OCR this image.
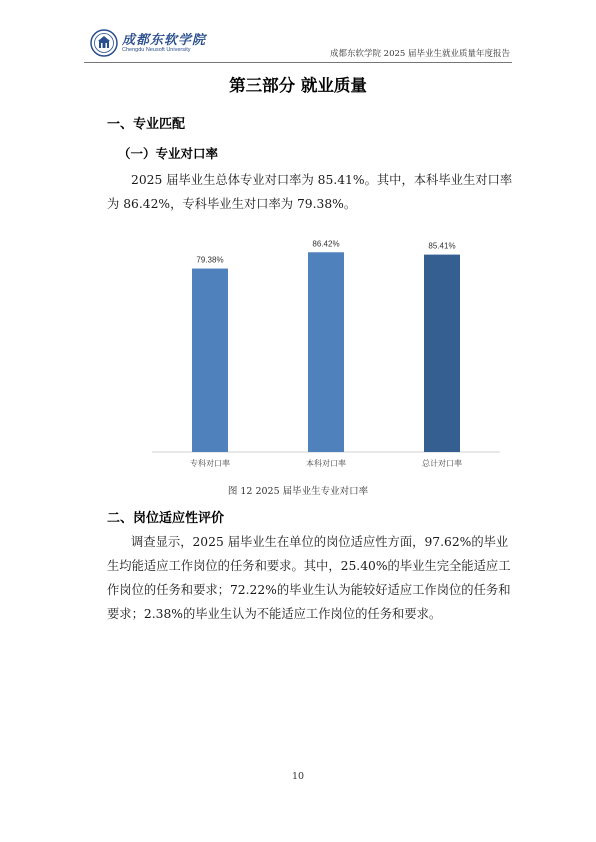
成都东软学院
Chengdu Neusoft University	成都东软学院 2025 届毕业生就业质量年度报告
第三部分 就业质量
一、专业匹配
（一）专业对口率
2025 届毕业生总体专业对口率为 85.41%。其中，本科毕业生对口率
为 86.42%，专科毕业生对口率为 79.38%。
79.38%
专科对口率
86.42%
本科对口率
85.41%
总计对口率
图 12 2025 届毕业生专业对口率
二、岗位适应性评价
调查显示，2025 届毕业生在单位的岗位适应性方面，97.62%的毕业
生均能适应工作岗位的任务和要求。其中，25.40%的毕业生完全能适应工
作岗位的任务和要求；72.22%的毕业生认为能较好适应工作岗位的任务和
要求；2.38%的毕业生认为不能适应工作岗位的任务和要求。
10
